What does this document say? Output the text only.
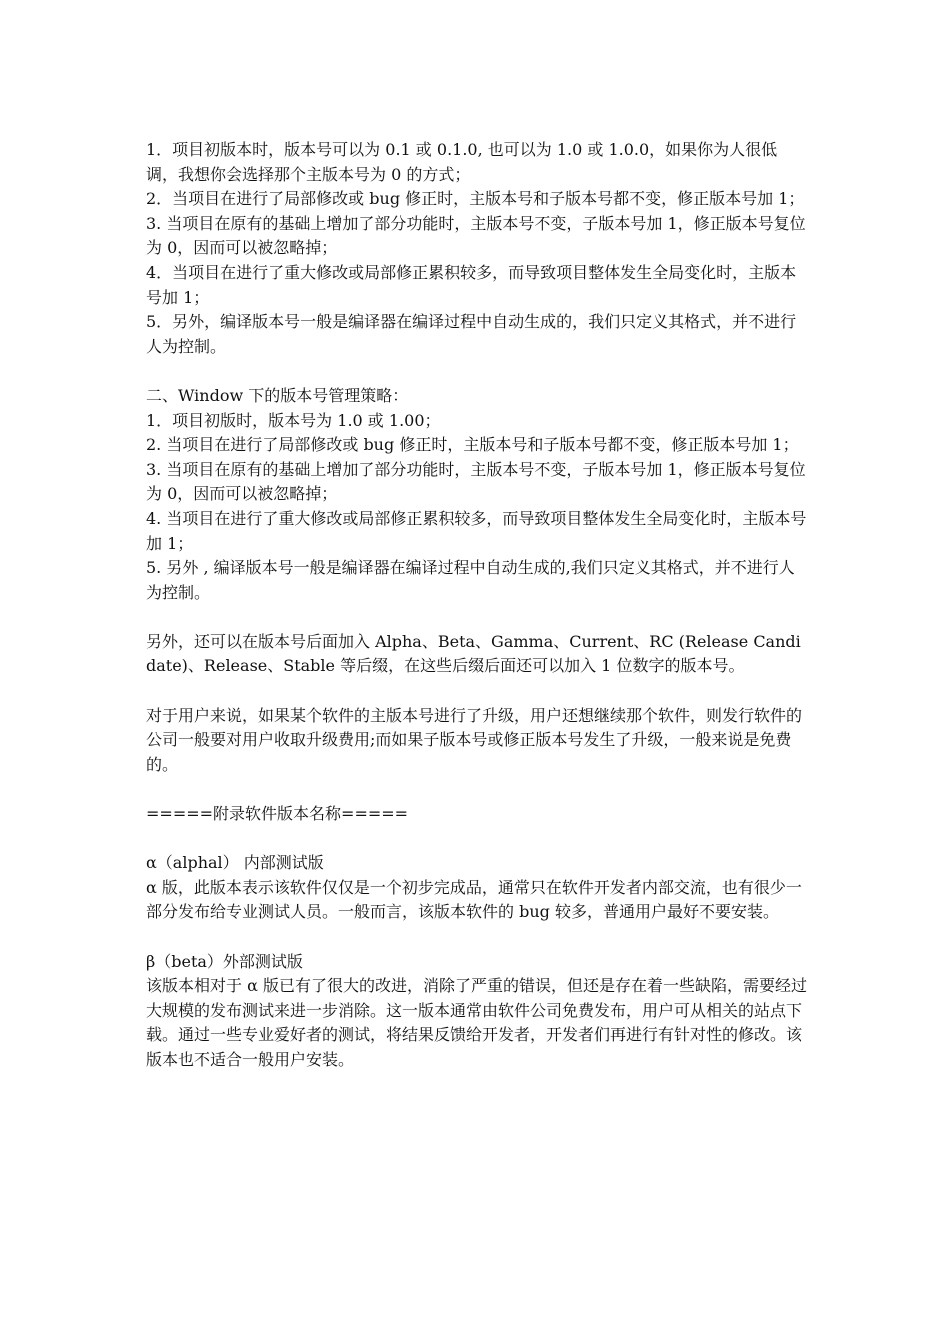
1．项目初版本时，版本号可以为 0.1 或 0.1.0, 也可以为 1.0 或 1.0.0，如果你为人很低调，我想你会选择那个主版本号为 0 的方式；
2．当项目在进行了局部修改或 bug 修正时，主版本号和子版本号都不变，修正版本号加 1；
3. 当项目在原有的基础上增加了部分功能时，主版本号不变，子版本号加 1，修正版本号复位为 0，因而可以被忽略掉；
4．当项目在进行了重大修改或局部修正累积较多，而导致项目整体发生全局变化时，主版本号加 1；
5．另外，编译版本号一般是编译器在编译过程中自动生成的，我们只定义其格式，并不进行人为控制。
二、Window 下的版本号管理策略：
1．项目初版时，版本号为 1.0 或 1.00；
2. 当项目在进行了局部修改或 bug 修正时，主版本号和子版本号都不变，修正版本号加 1；
3. 当项目在原有的基础上增加了部分功能时，主版本号不变，子版本号加 1，修正版本号复位为 0，因而可以被忽略掉；
4. 当项目在进行了重大修改或局部修正累积较多，而导致项目整体发生全局变化时，主版本号加 1；
5. 另外 , 编译版本号一般是编译器在编译过程中自动生成的,我们只定义其格式，并不进行人为控制。
另外，还可以在版本号后面加入 Alpha、Beta、Gamma、Current、RC (Release Candidate)、Release、Stable 等后缀，在这些后缀后面还可以加入 1 位数字的版本号。
对于用户来说，如果某个软件的主版本号进行了升级，用户还想继续那个软件，则发行软件的公司一般要对用户收取升级费用;而如果子版本号或修正版本号发生了升级，一般来说是免费的。
=====附录软件版本名称=====
α（alphal） 内部测试版
α 版，此版本表示该软件仅仅是一个初步完成品，通常只在软件开发者内部交流，也有很少一部分发布给专业测试人员。一般而言，该版本软件的 bug 较多，普通用户最好不要安装。
β（beta）外部测试版
该版本相对于 α 版已有了很大的改进，消除了严重的错误，但还是存在着一些缺陷，需要经过大规模的发布测试来进一步消除。这一版本通常由软件公司免费发布，用户可从相关的站点下载。通过一些专业爱好者的测试，将结果反馈给开发者，开发者们再进行有针对性的修改。该版本也不适合一般用户安装。
